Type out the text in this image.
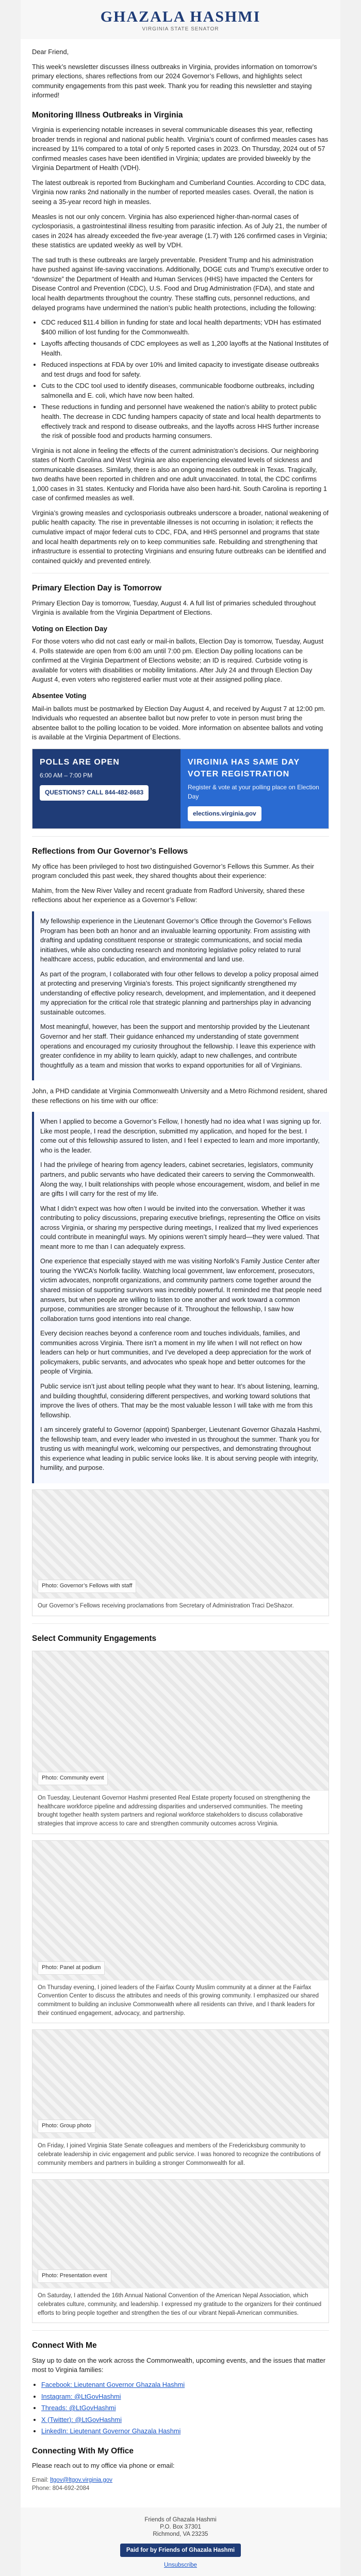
GHAZALA HASHMI
VIRGINIA STATE SENATOR

Dear Friend,

This week’s newsletter discusses illness outbreaks in Virginia, provides information on tomorrow’s primary elections, shares reflections from our 2024 Governor’s Fellows, and highlights select community engagements from this past week. Thank you for reading this newsletter and staying informed!

Monitoring Illness Outbreaks in Virginia

Virginia is experiencing notable increases in several communicable diseases this year, reflecting broader trends in regional and national public health. Virginia’s count of confirmed measles cases has increased by 11% compared to a total of only 5 reported cases in 2023. On Thursday, 2024 out of 57 confirmed measles cases have been identified in Virginia; updates are provided biweekly by the Virginia Department of Health (VDH).

The latest outbreak is reported from Buckingham and Cumberland Counties. According to CDC data, Virginia now ranks 2nd nationally in the number of reported measles cases. Overall, the nation is seeing a 35-year record high in measles.

Measles is not our only concern. Virginia has also experienced higher-than-normal cases of cyclosporiasis, a gastrointestinal illness resulting from parasitic infection. As of July 21, the number of cases in 2024 has already exceeded the five-year average (1.7) with 126 confirmed cases in Virginia; these statistics are updated weekly as well by VDH.

The sad truth is these outbreaks are largely preventable. President Trump and his administration have pushed against life-saving vaccinations. Additionally, DOGE cuts and Trump’s executive order to “downsize” the Department of Health and Human Services (HHS) have impacted the Centers for Disease Control and Prevention (CDC), U.S. Food and Drug Administration (FDA), and state and local health departments throughout the country. These staffing cuts, personnel reductions, and delayed programs have undermined the nation’s public health protections, including the following:

• CDC reduced $11.4 billion in funding for state and local health departments; VDH has estimated $400 million of lost funding for the Commonwealth.
• Layoffs affecting thousands of CDC employees as well as 1,200 layoffs at the National Institutes of Health.
• Reduced inspections at FDA by over 10% and limited capacity to investigate disease outbreaks and test drugs and food for safety.
• Cuts to the CDC tool used to identify diseases, communicable foodborne outbreaks, including salmonella and E. coli, which have now been halted.
• These reductions in funding and personnel have weakened the nation’s ability to protect public health. The decrease in CDC funding hampers capacity of state and local health departments to effectively track and respond to disease outbreaks, and the layoffs across HHS further increase the risk of possible food and products harming consumers.

Virginia is not alone in feeling the effects of the current administration’s decisions. Our neighboring states of North Carolina and West Virginia are also experiencing elevated levels of sickness and communicable diseases. Similarly, there is also an ongoing measles outbreak in Texas. Tragically, two deaths have been reported in children and one adult unvaccinated. In total, the CDC confirms 1,000 cases in 31 states. Kentucky and Florida have also been hard-hit. South Carolina is reporting 1 case of confirmed measles as well.

Virginia’s growing measles and cyclosporiasis outbreaks underscore a broader, national weakening of public health capacity. The rise in preventable illnesses is not occurring in isolation; it reflects the cumulative impact of major federal cuts to CDC, FDA, and HHS personnel and programs that state and local health departments rely on to keep communities safe. Rebuilding and strengthening that infrastructure is essential to protecting Virginians and ensuring future outbreaks can be identified and contained quickly and prevented entirely.

Primary Election Day is Tomorrow

Primary Election Day is tomorrow, Tuesday, August 4. A full list of primaries scheduled throughout Virginia is available from the Virginia Department of Elections.

Voting on Election Day

For those voters who did not cast early or mail-in ballots, Election Day is tomorrow, Tuesday, August 4. Polls statewide are open from 6:00 am until 7:00 pm. Election Day polling locations can be confirmed at the Virginia Department of Elections website; an ID is required. Curbside voting is available for voters with disabilities or mobility limitations. After July 24 and through Election Day August 4, even voters who registered earlier must vote at their assigned polling place.

Absentee Voting

Mail-in ballots must be postmarked by Election Day August 4, and received by August 7 at 12:00 pm. Individuals who requested an absentee ballot but now prefer to vote in person must bring the absentee ballot to the polling location to be voided. More information on absentee ballots and voting is available at the Virginia Department of Elections.

POLLS ARE OPEN
6:00 AM – 7:00 PM
QUESTIONS? CALL 844-482-8683
VIRGINIA HAS SAME DAY VOTER REGISTRATION
Register & vote at your polling place on Election Day
elections.virginia.gov
Reflections from Our Governor’s Fellows

My office has been privileged to host two distinguished Governor’s Fellows this Summer. As their program concluded this past week, they shared thoughts about their experience:

Mahim, from the New River Valley and recent graduate from Radford University, shared these reflections about her experience as a Governor’s Fellow:

My fellowship experience in the Lieutenant Governor’s Office through the Governor’s Fellows Program has been both an honor and an invaluable learning opportunity. From assisting with drafting and updating constituent response or strategic communications, and social media initiatives, while also conducting research and monitoring legislative policy related to rural healthcare access, public education, and environmental and land use.

As part of the program, I collaborated with four other fellows to develop a policy proposal aimed at protecting and preserving Virginia’s forests. This project significantly strengthened my understanding of effective policy research, development, and implementation, and it deepened my appreciation for the critical role that strategic planning and partnerships play in advancing sustainable outcomes.

Most meaningful, however, has been the support and mentorship provided by the Lieutenant Governor and her staff. Their guidance enhanced my understanding of state government operations and encouraged my curiosity throughout the fellowship. I leave this experience with greater confidence in my ability to learn quickly, adapt to new challenges, and contribute thoughtfully as a team and mission that works to expand opportunities for all of Virginians.

John, a PHD candidate at Virginia Commonwealth University and a Metro Richmond resident, shared these reflections on his time with our office:

When I applied to become a Governor’s Fellow, I honestly had no idea what I was signing up for. Like most people, I read the description, submitted my application, and hoped for the best. I come out of this fellowship assured to listen, and I feel I expected to learn and more importantly, who is the leader.

I had the privilege of hearing from agency leaders, cabinet secretaries, legislators, community partners, and public servants who have dedicated their careers to serving the Commonwealth. Along the way, I built relationships with people whose encouragement, wisdom, and belief in me are gifts I will carry for the rest of my life.

What I didn’t expect was how often I would be invited into the conversation. Whether it was contributing to policy discussions, preparing executive briefings, representing the Office on visits across Virginia, or sharing my perspective during meetings, I realized that my lived experiences could contribute in meaningful ways. My opinions weren’t simply heard—they were valued. That meant more to me than I can adequately express.

One experience that especially stayed with me was visiting Norfolk’s Family Justice Center after touring the YWCA’s Norfolk facility. Watching local government, law enforcement, prosecutors, victim advocates, nonprofit organizations, and community partners come together around the shared mission of supporting survivors was incredibly powerful. It reminded me that people need answers, but when people are willing to listen to one another and work toward a common purpose, communities are stronger because of it. Throughout the fellowship, I saw how collaboration turns good intentions into real change.

Every decision reaches beyond a conference room and touches individuals, families, and communities across Virginia. There isn’t a moment in my life when I will not reflect on how leaders can help or hurt communities, and I’ve developed a deep appreciation for the work of policymakers, public servants, and advocates who speak hope and better outcomes for the people of Virginia.

Public service isn’t just about telling people what they want to hear. It’s about listening, learning, and building thoughtful, considering different perspectives, and working toward solutions that improve the lives of others. That may be the most valuable lesson I will take with me from this fellowship.

I am sincerely grateful to Governor (appoint) Spanberger, Lieutenant Governor Ghazala Hashmi, the fellowship team, and every leader who invested in us throughout the summer. Thank you for trusting us with meaningful work, welcoming our perspectives, and demonstrating throughout this experience what leading in public service looks like. It is about serving people with integrity, humility, and purpose.

Photo: Governor’s Fellows with staff
Our Governor’s Fellows receiving proclamations from Secretary of Administration Traci DeShazor.
Select Community Engagements
Photo: Community event
On Tuesday, Lieutenant Governor Hashmi presented Real Estate property focused on strengthening the healthcare workforce pipeline and addressing disparities and underserved communities. The meeting brought together health system partners and regional workforce stakeholders to discuss collaborative strategies that improve access to care and strengthen community outcomes across Virginia.
Photo: Panel at podium
On Thursday evening, I joined leaders of the Fairfax County Muslim community at a dinner at the Fairfax Convention Center to discuss the attributes and needs of this growing community. I emphasized our shared commitment to building an inclusive Commonwealth where all residents can thrive, and I thank leaders for their continued engagement, advocacy, and partnership.
Photo: Group photo
On Friday, I joined Virginia State Senate colleagues and members of the Fredericksburg community to celebrate leadership in civic engagement and public service. I was honored to recognize the contributions of community members and partners in building a stronger Commonwealth for all.
Photo: Presentation event
On Saturday, I attended the 16th Annual National Convention of the American Nepal Association, which celebrates culture, community, and leadership. I expressed my gratitude to the organizers for their continued efforts to bring people together and strengthen the ties of our vibrant Nepali-American communities.
Connect With Me

Stay up to date on the work across the Commonwealth, upcoming events, and the issues that matter most to Virginia families:

• Facebook: Lieutenant Governor Ghazala Hashmi
• Instagram: @LtGovHashmi
• Threads: @LtGovHashmi
• X (Twitter): @LtGovHashmi
• LinkedIn: Lieutenant Governor Ghazala Hashmi
Connecting With My Office

Please reach out to my office via phone or email:

Email: ltgov@ltgov.virginia.gov
Phone: 804-692-2084

Friends of Ghazala Hashmi
P.O. Box 37301
Richmond, VA 23235
Paid for by Friends of Ghazala Hashmi
Unsubscribe
